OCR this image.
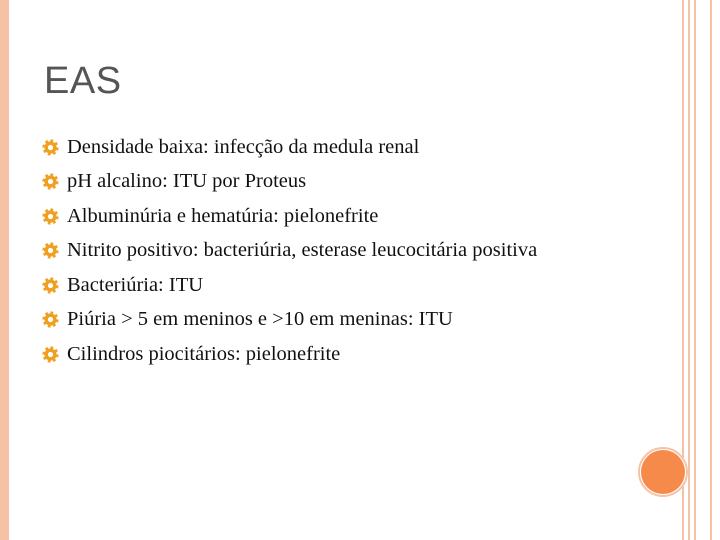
EAS
Densidade baixa: infecção da medula renal
pH alcalino: ITU por Proteus
Albuminúria e hematúria: pielonefrite
Nitrito positivo: bacteriúria, esterase leucocitária positiva
Bacteriúria: ITU
Piúria > 5 em meninos e >10 em meninas: ITU
Cilindros piocitários: pielonefrite
